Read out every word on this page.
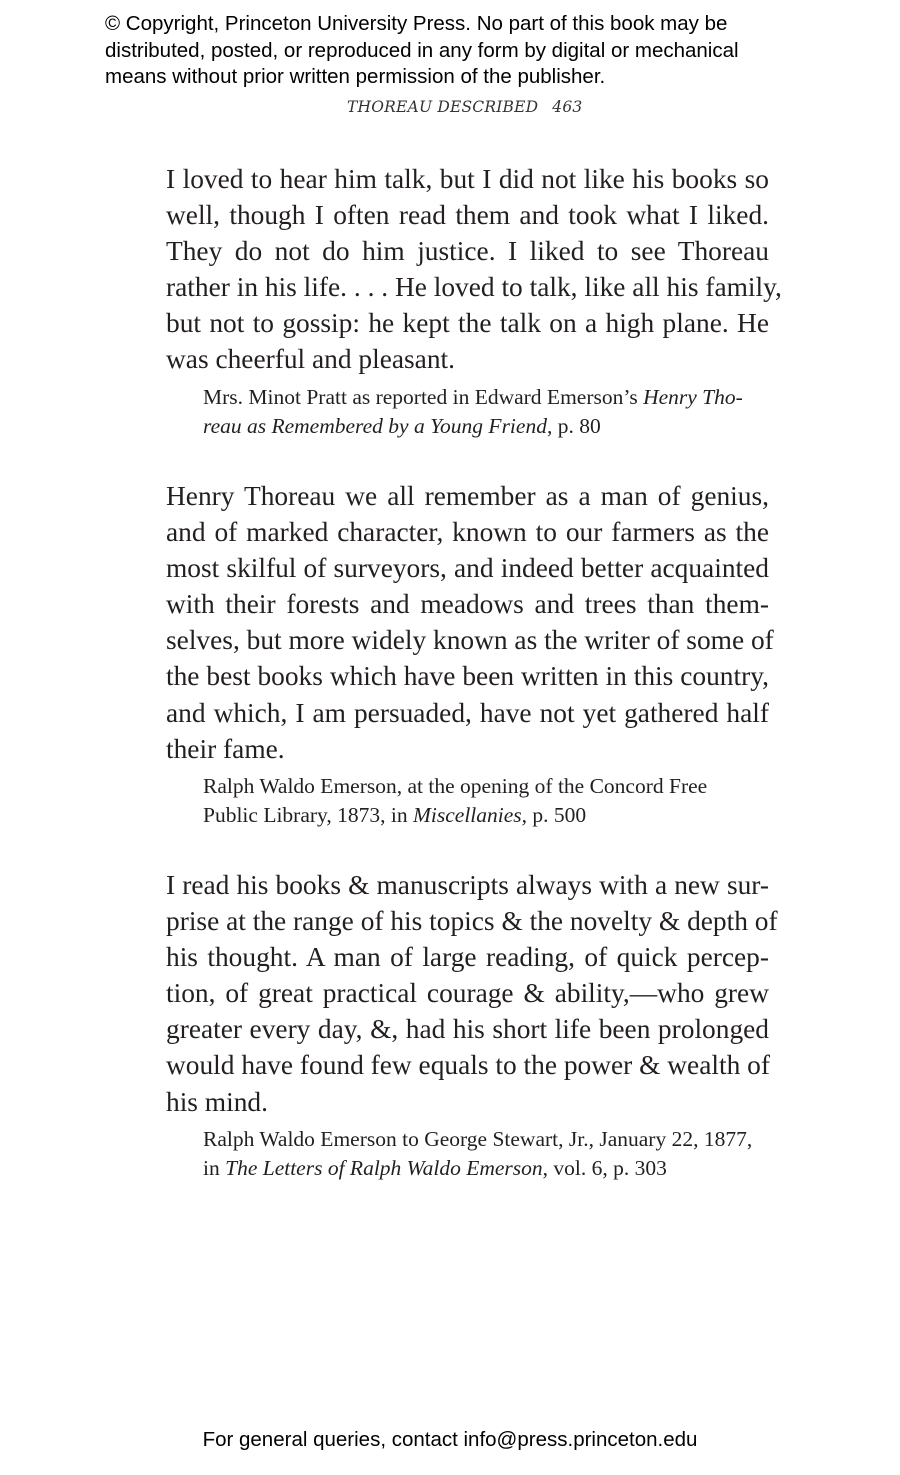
© Copyright, Princeton University Press. No part of this book may be
distributed, posted, or reproduced in any form by digital or mechanical
means without prior written permission of the publisher.
THOREAU DESCRIBED 463
I loved to hear him talk, but I did not like his books so
well, though I often read them and took what I liked.
They do not do him justice. I liked to see Thoreau
rather in his life. . . . He loved to talk, like all his family,
but not to gossip: he kept the talk on a high plane. He
was cheerful and pleasant.
Mrs. Minot Pratt as reported in Edward Emerson’s Henry Tho-
reau as Remembered by a Young Friend, p. 80
Henry Thoreau we all remember as a man of genius,
and of marked character, known to our farmers as the
most skilful of surveyors, and indeed better acquainted
with their forests and meadows and trees than them-
selves, but more widely known as the writer of some of
the best books which have been written in this country,
and which, I am persuaded, have not yet gathered half
their fame.
Ralph Waldo Emerson, at the opening of the Concord Free
Public Library, 1873, in Miscellanies, p. 500
I read his books & manuscripts always with a new sur-
prise at the range of his topics & the novelty & depth of
his thought. A man of large reading, of quick percep-
tion, of great practical courage & ability,—who grew
greater every day, &, had his short life been prolonged
would have found few equals to the power & wealth of
his mind.
Ralph Waldo Emerson to George Stewart, Jr., January 22, 1877,
in The Letters of Ralph Waldo Emerson, vol. 6, p. 303
For general queries, contact info@press.princeton.edu
